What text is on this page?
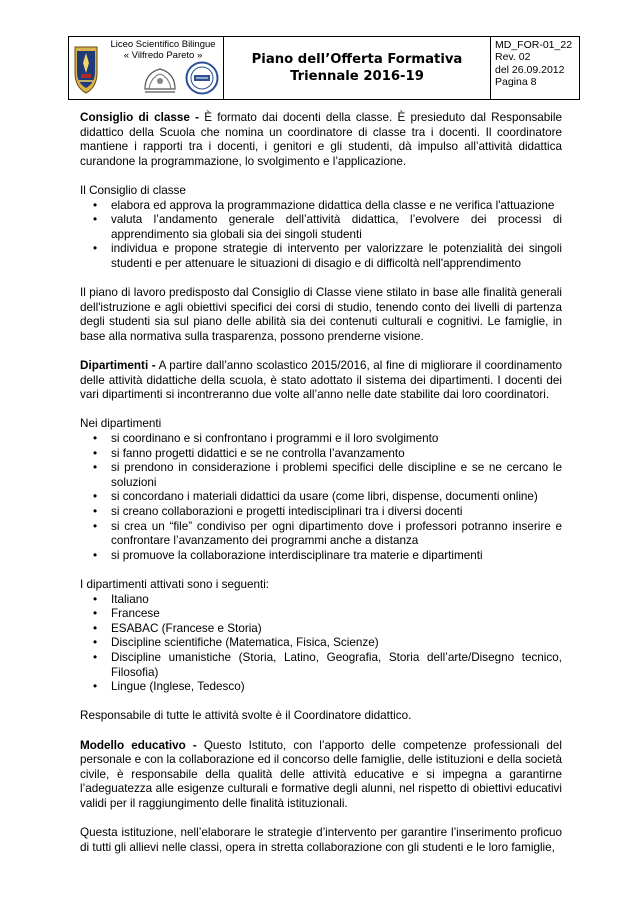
Liceo Scientifico Bilingue
« Vilfredo Pareto »	Piano dell’Offerta Formativa
Triennale 2016-19
MD_FOR-01_22
Rev. 02
del 26.09.2012
Pagina 8

Consiglio di classe - È formato dai docenti della classe. È presieduto dal Responsabile didattico della Scuola che nomina un coordinatore di classe tra i docenti. Il coordinatore mantiene i rapporti tra i docenti, i genitori e gli studenti, dà impulso all’attività didattica curandone la programmazione, lo svolgimento e l’applicazione.

Il Consiglio di classe

• elabora ed approva la programmazione didattica della classe e ne verifica l'attuazione
• valuta l’andamento generale dell’attività didattica, l’evolvere dei processi di apprendimento sia globali sia dei singoli studenti
• individua e propone strategie di intervento per valorizzare le potenzialità dei singoli studenti e per attenuare le situazioni di disagio e di difficoltà nell'apprendimento

Il piano di lavoro predisposto dal Consiglio di Classe viene stilato in base alle finalità generali dell'istruzione e agli obiettivi specifici dei corsi di studio, tenendo conto dei livelli di partenza degli studenti sia sul piano delle abilità sia dei contenuti culturali e cognitivi. Le famiglie, in base alla normativa sulla trasparenza, possono prenderne visione.

Dipartimenti - A partire dall’anno scolastico 2015/2016, al fine di migliorare il coordinamento delle attività didattiche della scuola, è stato adottato il sistema dei dipartimenti. I docenti dei vari dipartimenti si incontreranno due volte all’anno nelle date stabilite dai loro coordinatori.

Nei dipartimenti

• si coordinano e si confrontano i programmi e il loro svolgimento
• si fanno progetti didattici e se ne controlla l’avanzamento
• si prendono in considerazione i problemi specifici delle discipline e se ne cercano le soluzioni
• si concordano i materiali didattici da usare (come libri, dispense, documenti online)
• si creano collaborazioni e progetti intedisciplinari tra i diversi docenti
• si crea un “file” condiviso per ogni dipartimento dove i professori potranno inserire e confrontare l’avanzamento dei programmi anche a distanza
• si promuove la collaborazione interdisciplinare tra materie e dipartimenti

I dipartimenti attivati sono i seguenti:

• Italiano
• Francese
• ESABAC (Francese e Storia)
• Discipline scientifiche (Matematica, Fisica, Scienze)
• Discipline umanistiche (Storia, Latino, Geografia, Storia dell’arte/Disegno tecnico, Filosofia)
• Lingue (Inglese, Tedesco)

Responsabile di tutte le attività svolte è il Coordinatore didattico.

Modello educativo - Questo Istituto, con l’apporto delle competenze professionali del personale e con la collaborazione ed il concorso delle famiglie, delle istituzioni e della società civile, è responsabile della qualità delle attività educative e si impegna a garantirne l’adeguatezza alle esigenze culturali e formative degli alunni, nel rispetto di obiettivi educativi validi per il raggiungimento delle finalità istituzionali.

Questa istituzione, nell’elaborare le strategie d’intervento per garantire l’inserimento proficuo di tutti gli allievi nelle classi, opera in stretta collaborazione con gli studenti e le loro famiglie,
